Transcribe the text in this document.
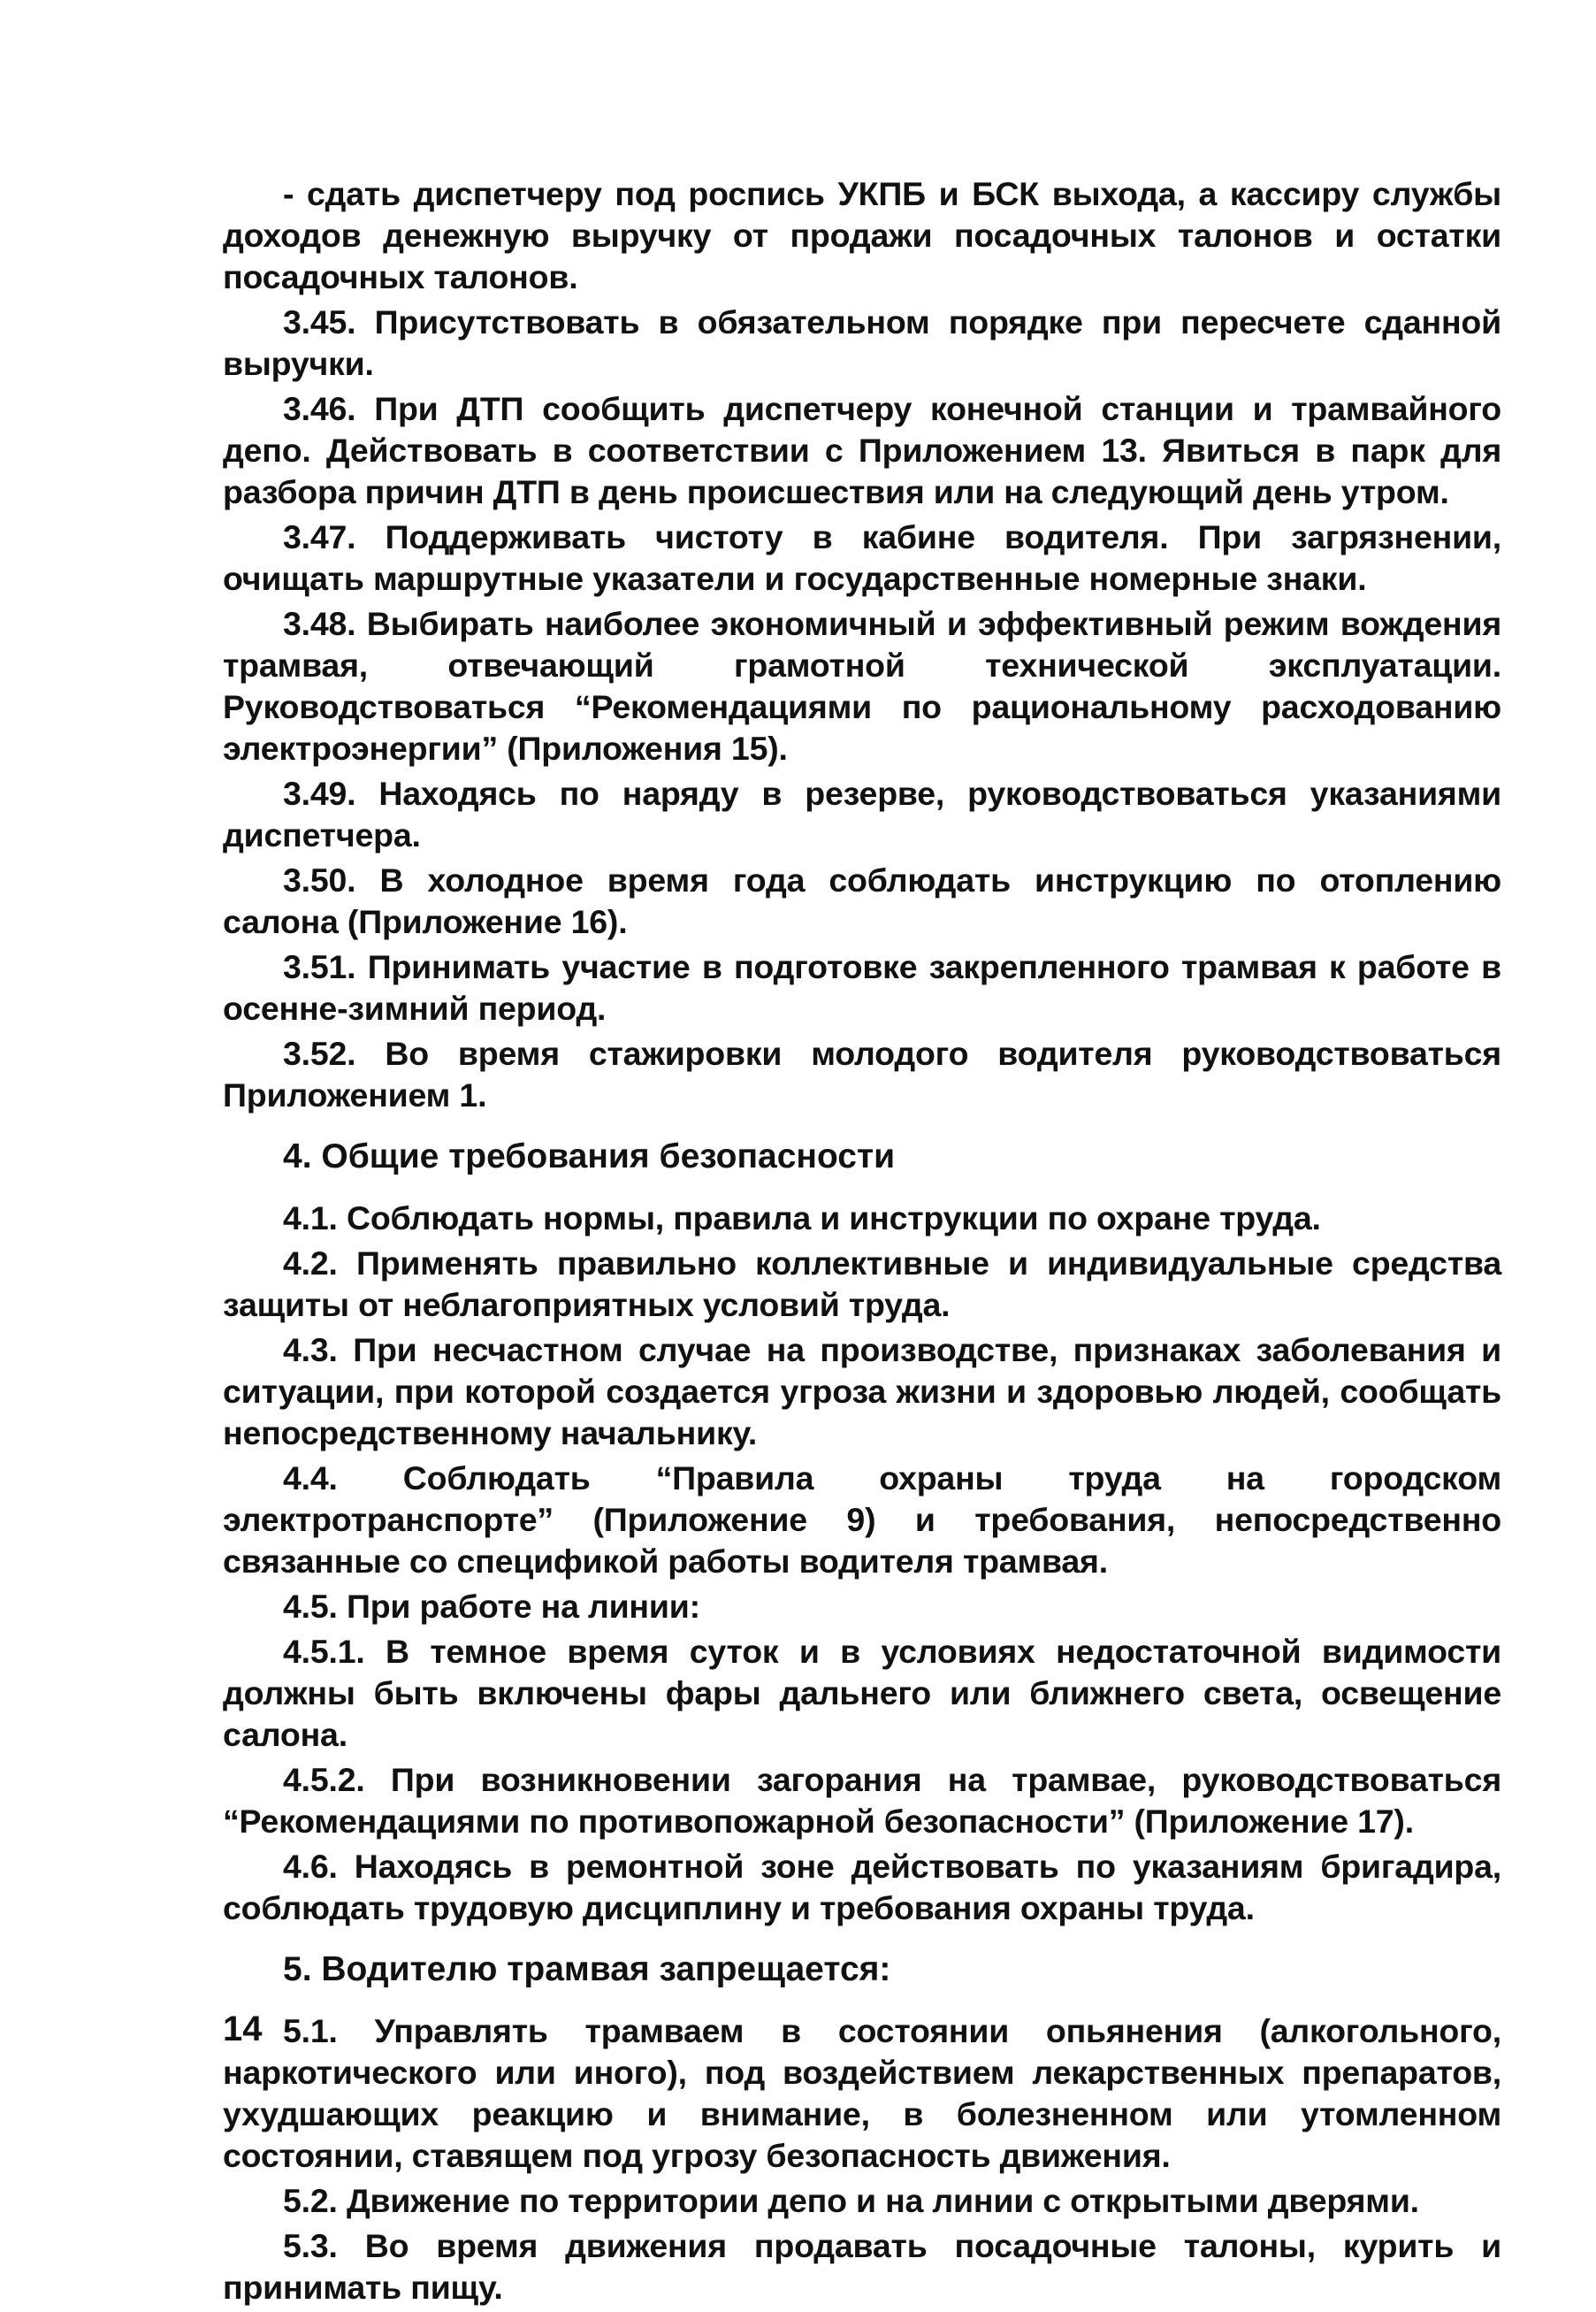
- сдать диспетчеру под роспись УКПБ и БСК выхода, а кассиру службы доходов денежную выручку от продажи посадочных талонов и остатки посадочных талонов.

3.45. Присутствовать в обязательном порядке при пересчете сданной выручки.

3.46. При ДТП сообщить диспетчеру конечной станции и трамвайного депо. Действовать в соответствии с Приложением 13. Явиться в парк для разбора причин ДТП в день происшествия или на следующий день утром.

3.47. Поддерживать чистоту в кабине водителя. При загрязнении, очищать маршрутные указатели и государственные номерные знаки.

3.48. Выбирать наиболее экономичный и эффективный режим вождения трамвая, отвечающий грамотной технической эксплуатации. Руководствоваться “Рекомендациями по рациональному расходованию электроэнергии” (Приложения 15).

3.49. Находясь по наряду в резерве, руководствоваться указаниями диспетчера.

3.50. В холодное время года соблюдать инструкцию по отоплению салона (Приложение 16).

3.51. Принимать участие в подготовке закрепленного трамвая к работе в осенне-зимний период.

3.52. Во время стажировки молодого водителя руководствоваться Приложением 1.

4. Общие требования безопасности

4.1. Соблюдать нормы, правила и инструкции по охране труда.

4.2. Применять правильно коллективные и индивидуальные средства защиты от неблагоприятных условий труда.

4.3. При несчастном случае на производстве, признаках заболевания и ситуации, при которой создается угроза жизни и здоровью людей, сообщать непосредственному начальнику.

4.4. Соблюдать “Правила охраны труда на городском электротранспорте” (Приложение 9) и требования, непосредственно связанные со спецификой работы водителя трамвая.

4.5. При работе на линии:

4.5.1. В темное время суток и в условиях недостаточной видимости должны быть включены фары дальнего или ближнего света, освещение салона.

4.5.2. При возникновении загорания на трамвае, руководствоваться “Рекомендациями по противопожарной безопасности” (Приложение 17).

4.6. Находясь в ремонтной зоне действовать по указаниям бригадира, соблюдать трудовую дисциплину и требования охраны труда.

5. Водителю трамвая запрещается:

5.1. Управлять трамваем в состоянии опьянения (алкогольного, наркотического или иного), под воздействием лекарственных препаратов, ухудшающих реакцию и внимание, в болезненном или утомленном состоянии, ставящем под угрозу безопасность движения.

5.2. Движение по территории депо и на линии с открытыми дверями.

5.3. Во время движения продавать посадочные талоны, курить и принимать пищу.

14
